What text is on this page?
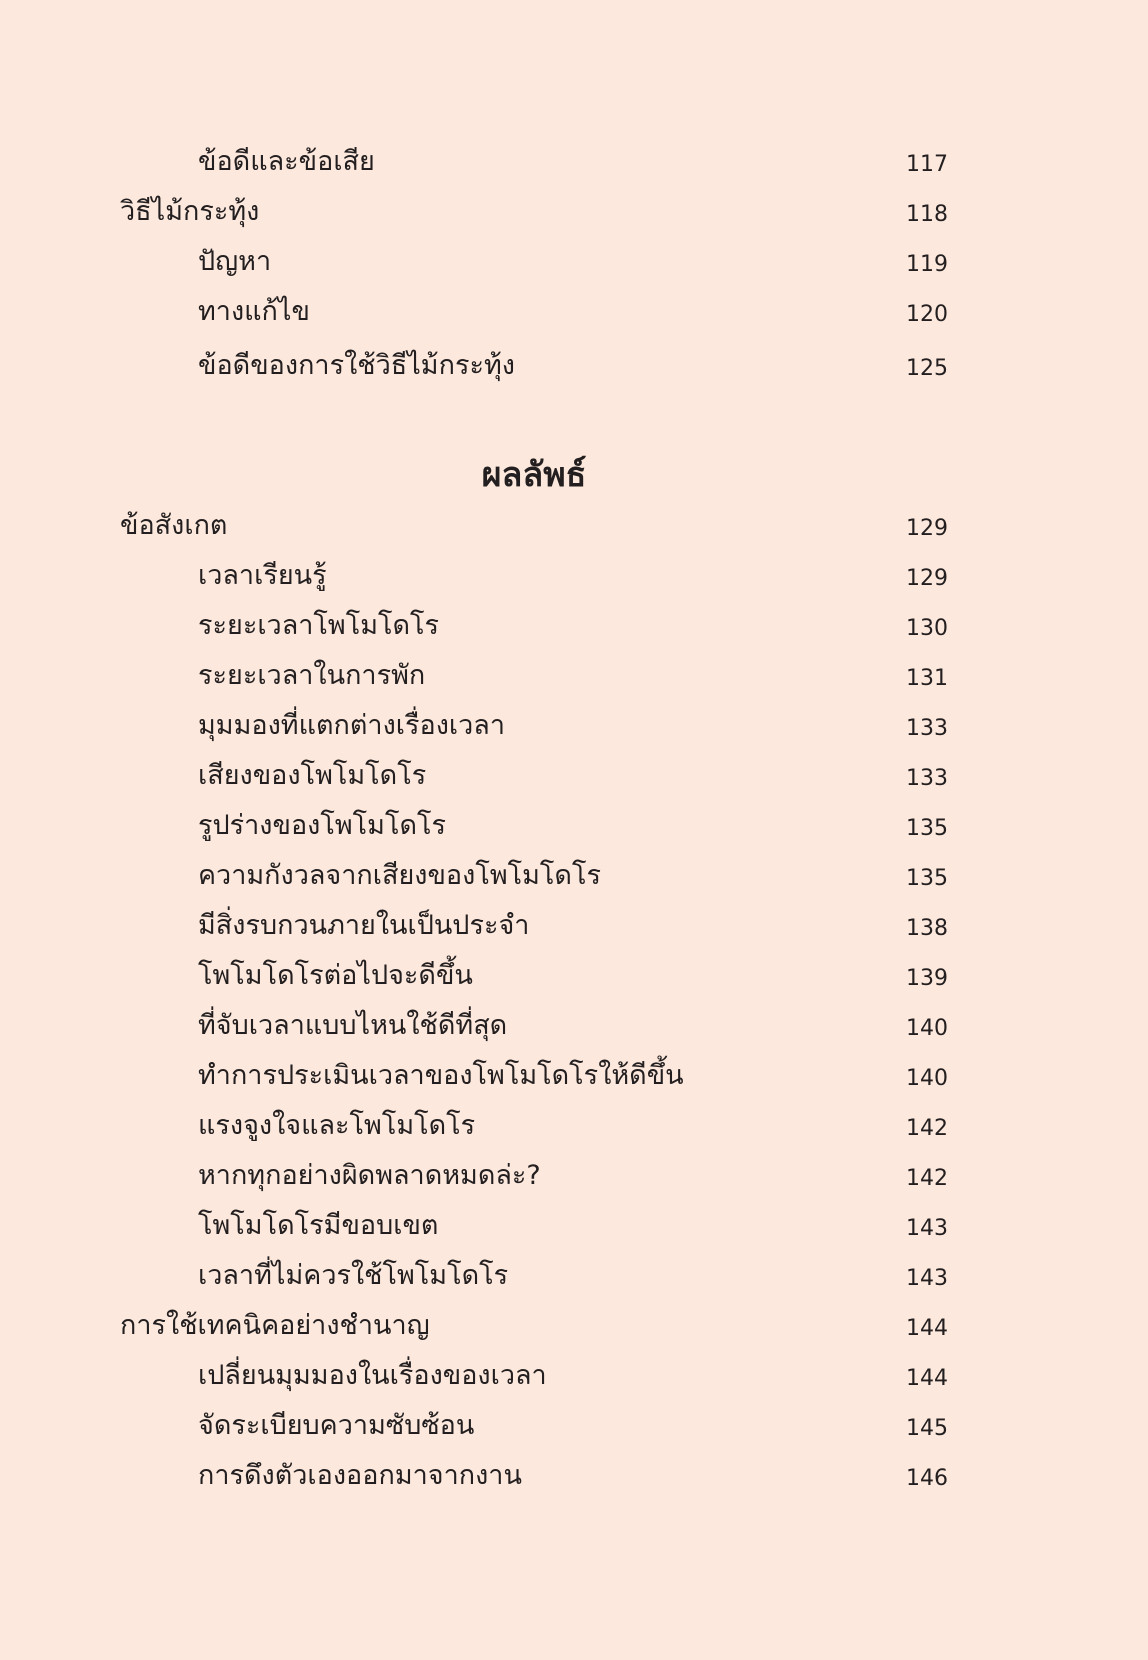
ข้อดีและข้อเสีย	117
วิธีไม้กระทุ้ง	118
ปัญหา	119
ทางแก้ไข	120
ข้อดีของการใช้วิธีไม้กระทุ้ง	125
ผลลัพธ์
ข้อสังเกต	129
เวลาเรียนรู้	129
ระยะเวลาโพโมโดโร	130
ระยะเวลาในการพัก	131
มุมมองที่แตกต่างเรื่องเวลา	133
เสียงของโพโมโดโร	133
รูปร่างของโพโมโดโร	135
ความกังวลจากเสียงของโพโมโดโร	135
มีสิ่งรบกวนภายในเป็นประจำ	138
โพโมโดโรต่อไปจะดีขึ้น	139
ที่จับเวลาแบบไหนใช้ดีที่สุด	140
ทำการประเมินเวลาของโพโมโดโรให้ดีขึ้น	140
แรงจูงใจและโพโมโดโร	142
หากทุกอย่างผิดพลาดหมดล่ะ?	142
โพโมโดโรมีขอบเขต	143
เวลาที่ไม่ควรใช้โพโมโดโร	143
การใช้เทคนิคอย่างชำนาญ	144
เปลี่ยนมุมมองในเรื่องของเวลา	144
จัดระเบียบความซับซ้อน	145
การดึงตัวเองออกมาจากงาน	146
